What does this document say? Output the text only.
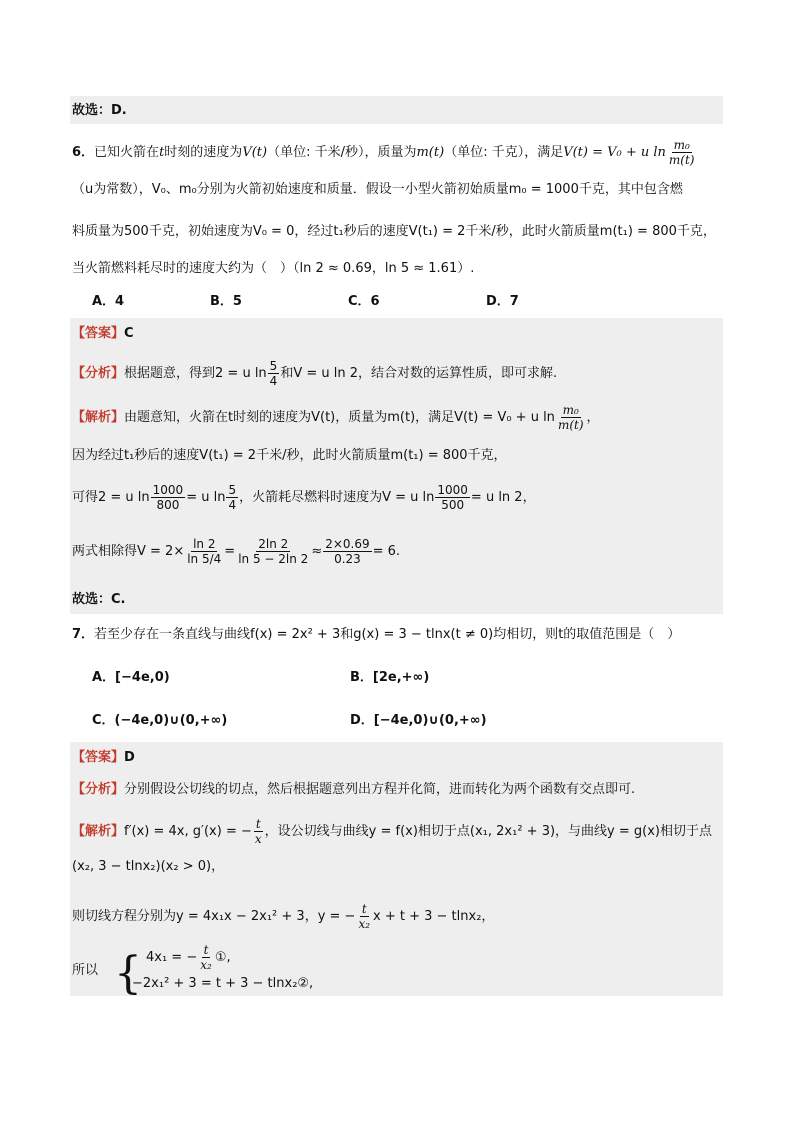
故选：D.
6．已知火箭在t时刻的速度为V(t)（单位: 千米/秒），质量为m(t)（单位: 千克），满足V(t) = V₀ + u $\ln \frac{\text{m₀}}{m(t)}$
（u为常数），V₀、m₀分别为火箭初始速度和质量．假设一小型火箭初始质量m₀ = 1000千克，其中包含燃
料质量为500千克，初始速度为V₀ = 0，经过t₁秒后的速度V(t₁) = 2千米/秒，此时火箭质量m(t₁) = 800千克，
当火箭燃料耗尽时的速度大约为（　）（ln 2 ≈ 0.69，ln 5 ≈ 1.61）.
A．4	B．5	C．6	D．7
【答案】C
【分析】根据题意，得到2 = u $\ln \frac{5}{4}$ 和V = u ln 2，结合对数的运算性质，即可求解.
【解析】由题意知，火箭在t时刻的速度为V(t)，质量为m(t)，满足V(t) = V₀ + u $\ln \frac{\text{m₀}}{m(t)}$ ，
因为经过t₁秒后的速度V(t₁) = 2千米/秒，此时火箭质量m(t₁) = 800千克，
可得2 = u $\ln \frac{1000}{800} = u$ $\ln \frac{5}{4}$ ，火箭耗尽燃料时速度为V = u $\ln \frac{1000}{500} = u$ ln 2，
两式相除得$V = 2\times \frac{\ln 2}{\ln 5/4} = \frac{2\ln 2}{\ln 5 - 2\ln 2} \approx \frac{2\times 0.69}{0.23} = 6$.
故选：C.
7．若至少存在一条直线与曲线f(x) = 2x² + 3和g(x) = 3 − tlnx(t ≠ 0)均相切，则t的取值范围是（　）
A．[−4e,0)	B．[2e,+∞)
C．(−4e,0)∪(0,+∞)	D．[−4e,0)∪(0,+∞)
【答案】D
【分析】分别假设公切线的切点，然后根据题意列出方程并化简，进而转化为两个函数有交点即可.
【解析】f′(x) = 4x, g′(x) = − $\frac{t}{x}$ ，设公切线与曲线y = f(x)相切于点(x₁, 2x₁² + 3)，与曲线y = g(x)相切于点
(x₂, 3 − tlnx₂)(x₂ > 0)，
则切线方程分别为y = 4x₁x − 2x₁² + 3，y = − $\frac{t}{\text{x₂}}$ x + t + 3 − tlnx₂，
所以 { 4x₁ = − $\frac{t}{\text{x₂}}$ ①,
−2x₁² + 3 = t + 3 − tlnx₂②,
